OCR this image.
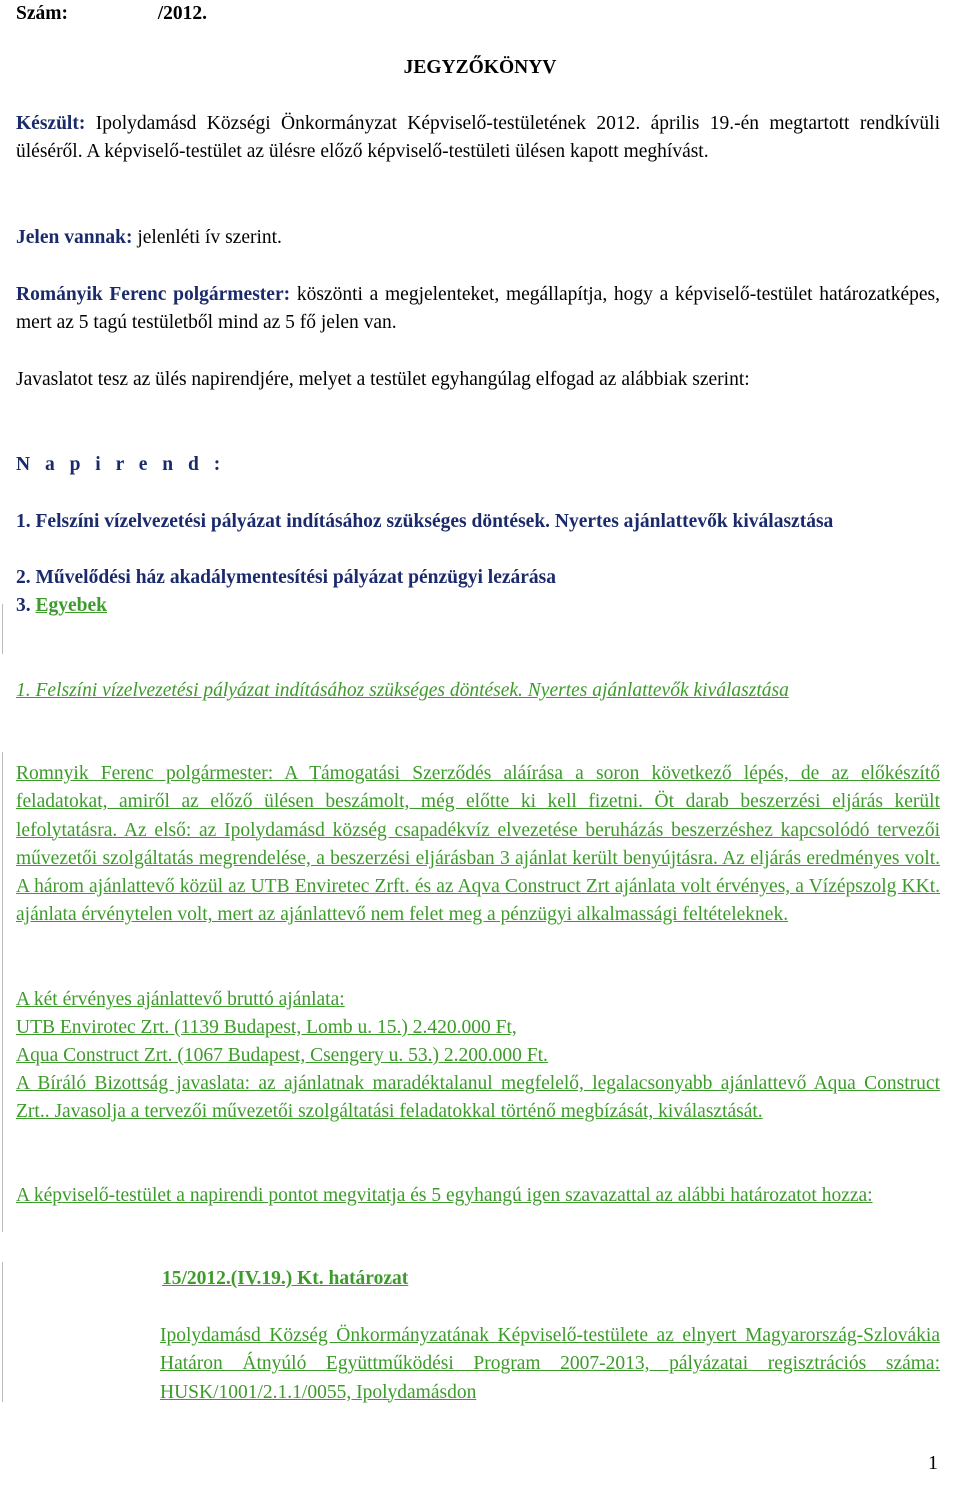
Szám:	/2012.
JEGYZŐKÖNYV
Készült: Ipolydamásd Községi Önkormányzat Képviselő-testületének 2012. április 19.-én megtartott rendkívüli üléséről. A képviselő-testület az ülésre előző képviselő-testületi ülésen kapott meghívást.
Jelen vannak: jelenléti ív szerint.
Rományik Ferenc polgármester: köszönti a megjelenteket, megállapítja, hogy a képviselő-testület határozatképes, mert az 5 tagú testületből mind az 5 fő jelen van.
Javaslatot tesz az ülés napirendjére, melyet a testület egyhangúlag elfogad az alábbiak szerint:
N a p i r e n d :
1. Felszíni vízelvezetési pályázat indításához szükséges döntések. Nyertes ajánlattevők kiválasztása
2. Művelődési ház akadálymentesítési pályázat pénzügyi lezárása
3. Egyebek
1. Felszíni vízelvezetési pályázat indításához szükséges döntések. Nyertes ajánlattevők kiválasztása
Romnyik Ferenc polgármester: A Támogatási Szerződés aláírása a soron következő lépés, de az előkészítő feladatokat, amiről az előző ülésen beszámolt, még előtte ki kell fizetni. Öt darab beszerzési eljárás került lefolytatásra. Az első: az Ipolydamásd község csapadékvíz elvezetése beruházás beszerzéshez kapcsolódó tervezői művezetői szolgáltatás megrendelése, a beszerzési eljárásban 3 ajánlat került benyújtásra. Az eljárás eredményes volt. A három ajánlattevő közül az UTB Enviretec Zrft. és az Aqva Construct Zrt ajánlata volt érvényes, a Vízépszolg KKt. ajánlata érvénytelen volt, mert az ajánlattevő nem felet meg a pénzügyi alkalmassági feltételeknek.
A két érvényes ajánlattevő bruttó ajánlata:
UTB Envirotec Zrt. (1139 Budapest, Lomb u. 15.) 2.420.000 Ft,
Aqua Construct Zrt. (1067 Budapest, Csengery u. 53.) 2.200.000 Ft.
A Bíráló Bizottság javaslata: az ajánlatnak maradéktalanul megfelelő, legalacsonyabb ajánlattevő Aqua Construct Zrt.. Javasolja a tervezői művezetői szolgáltatási feladatokkal történő megbízását, kiválasztását.
A képviselő-testület a napirendi pontot megvitatja és 5 egyhangú igen szavazattal az alábbi határozatot hozza:
15/2012.(IV.19.) Kt. határozat
Ipolydamásd Község Önkormányzatának Képviselő-testülete az elnyert Magyarország-Szlovákia Határon Átnyúló Együttműködési Program 2007-2013, pályázatai regisztrációs száma: HUSK/1001/2.1.1/0055, Ipolydamásdon
1
